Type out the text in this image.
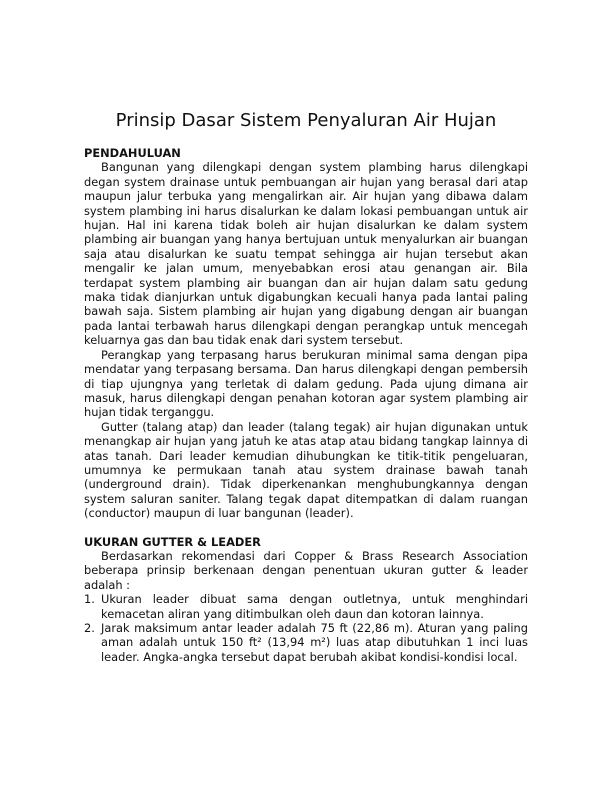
Prinsip Dasar Sistem Penyaluran Air Hujan

PENDAHULUAN

Bangunan yang dilengkapi dengan system plambing harus dilengkapi degan system drainase untuk pembuangan air hujan yang berasal dari atap maupun jalur terbuka yang mengalirkan air. Air hujan yang dibawa dalam system plambing ini harus disalurkan ke dalam lokasi pembuangan untuk air hujan. Hal ini karena tidak boleh air hujan disalurkan ke dalam system plambing air buangan yang hanya bertujuan untuk menyalurkan air buangan saja atau disalurkan ke suatu tempat sehingga air hujan tersebut akan mengalir ke jalan umum, menyebabkan erosi atau genangan air. Bila terdapat system plambing air buangan dan air hujan dalam satu gedung maka tidak dianjurkan untuk digabungkan kecuali hanya pada lantai paling bawah saja. Sistem plambing air hujan yang digabung dengan air buangan pada lantai terbawah harus dilengkapi dengan perangkap untuk mencegah keluarnya gas dan bau tidak enak dari system tersebut.

Perangkap yang terpasang harus berukuran minimal sama dengan pipa mendatar yang terpasang bersama. Dan harus dilengkapi dengan pembersih di tiap ujungnya yang terletak di dalam gedung. Pada ujung dimana air masuk, harus dilengkapi dengan penahan kotoran agar system plambing air hujan tidak terganggu.

Gutter (talang atap) dan leader (talang tegak) air hujan digunakan untuk menangkap air hujan yang jatuh ke atas atap atau bidang tangkap lainnya di atas tanah. Dari leader kemudian dihubungkan ke titik-titik pengeluaran, umumnya ke permukaan tanah atau system drainase bawah tanah (underground drain). Tidak diperkenankan menghubungkannya dengan system saluran saniter. Talang tegak dapat ditempatkan di dalam ruangan (conductor) maupun di luar bangunan (leader).

UKURAN GUTTER & LEADER

Berdasarkan rekomendasi dari Copper & Brass Research Association beberapa prinsip berkenaan dengan penentuan ukuran gutter & leader adalah :

1. Ukuran leader dibuat sama dengan outletnya, untuk menghindari kemacetan aliran yang ditimbulkan oleh daun dan kotoran lainnya.
2. Jarak maksimum antar leader adalah 75 ft (22,86 m). Aturan yang paling aman adalah untuk 150 ft² (13,94 m²) luas atap dibutuhkan 1 inci luas leader. Angka-angka tersebut dapat berubah akibat kondisi-kondisi local.
